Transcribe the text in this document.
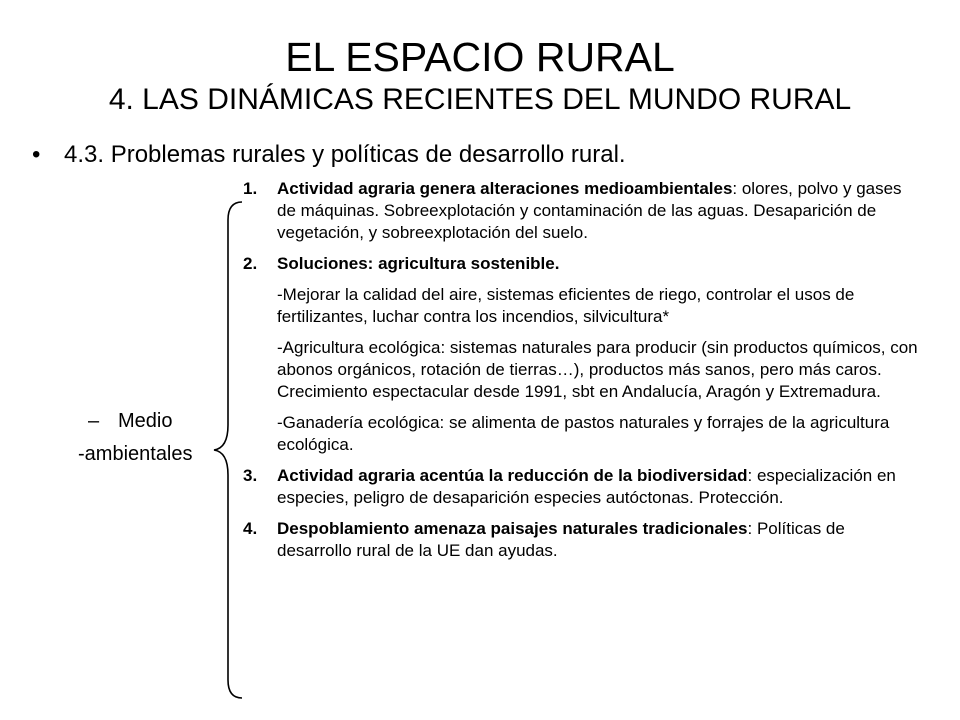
EL ESPACIO RURAL
4. LAS DINÁMICAS RECIENTES DEL MUNDO RURAL
• 4.3. Problemas rurales y políticas de desarrollo rural.
– Medio
-ambientales
1. Actividad agraria genera alteraciones medioambientales: olores, polvo y gases de máquinas. Sobreexplotación y contaminación de las aguas. Desaparición de vegetación, y sobreexplotación del suelo.
2. Soluciones: agricultura sostenible.
-Mejorar la calidad del aire, sistemas eficientes de riego, controlar el usos de fertilizantes, luchar contra los incendios, silvicultura*
-Agricultura ecológica: sistemas naturales para producir (sin productos químicos, con abonos orgánicos, rotación de tierras…), productos más sanos, pero más caros. Crecimiento espectacular desde 1991, sbt en Andalucía, Aragón y Extremadura.
-Ganadería ecológica: se alimenta de pastos naturales y forrajes de la agricultura ecológica.
3. Actividad agraria acentúa la reducción de la biodiversidad: especialización en especies, peligro de desaparición especies autóctonas. Protección.
4. Despoblamiento amenaza paisajes naturales tradicionales: Políticas de desarrollo rural de la UE dan ayudas.
